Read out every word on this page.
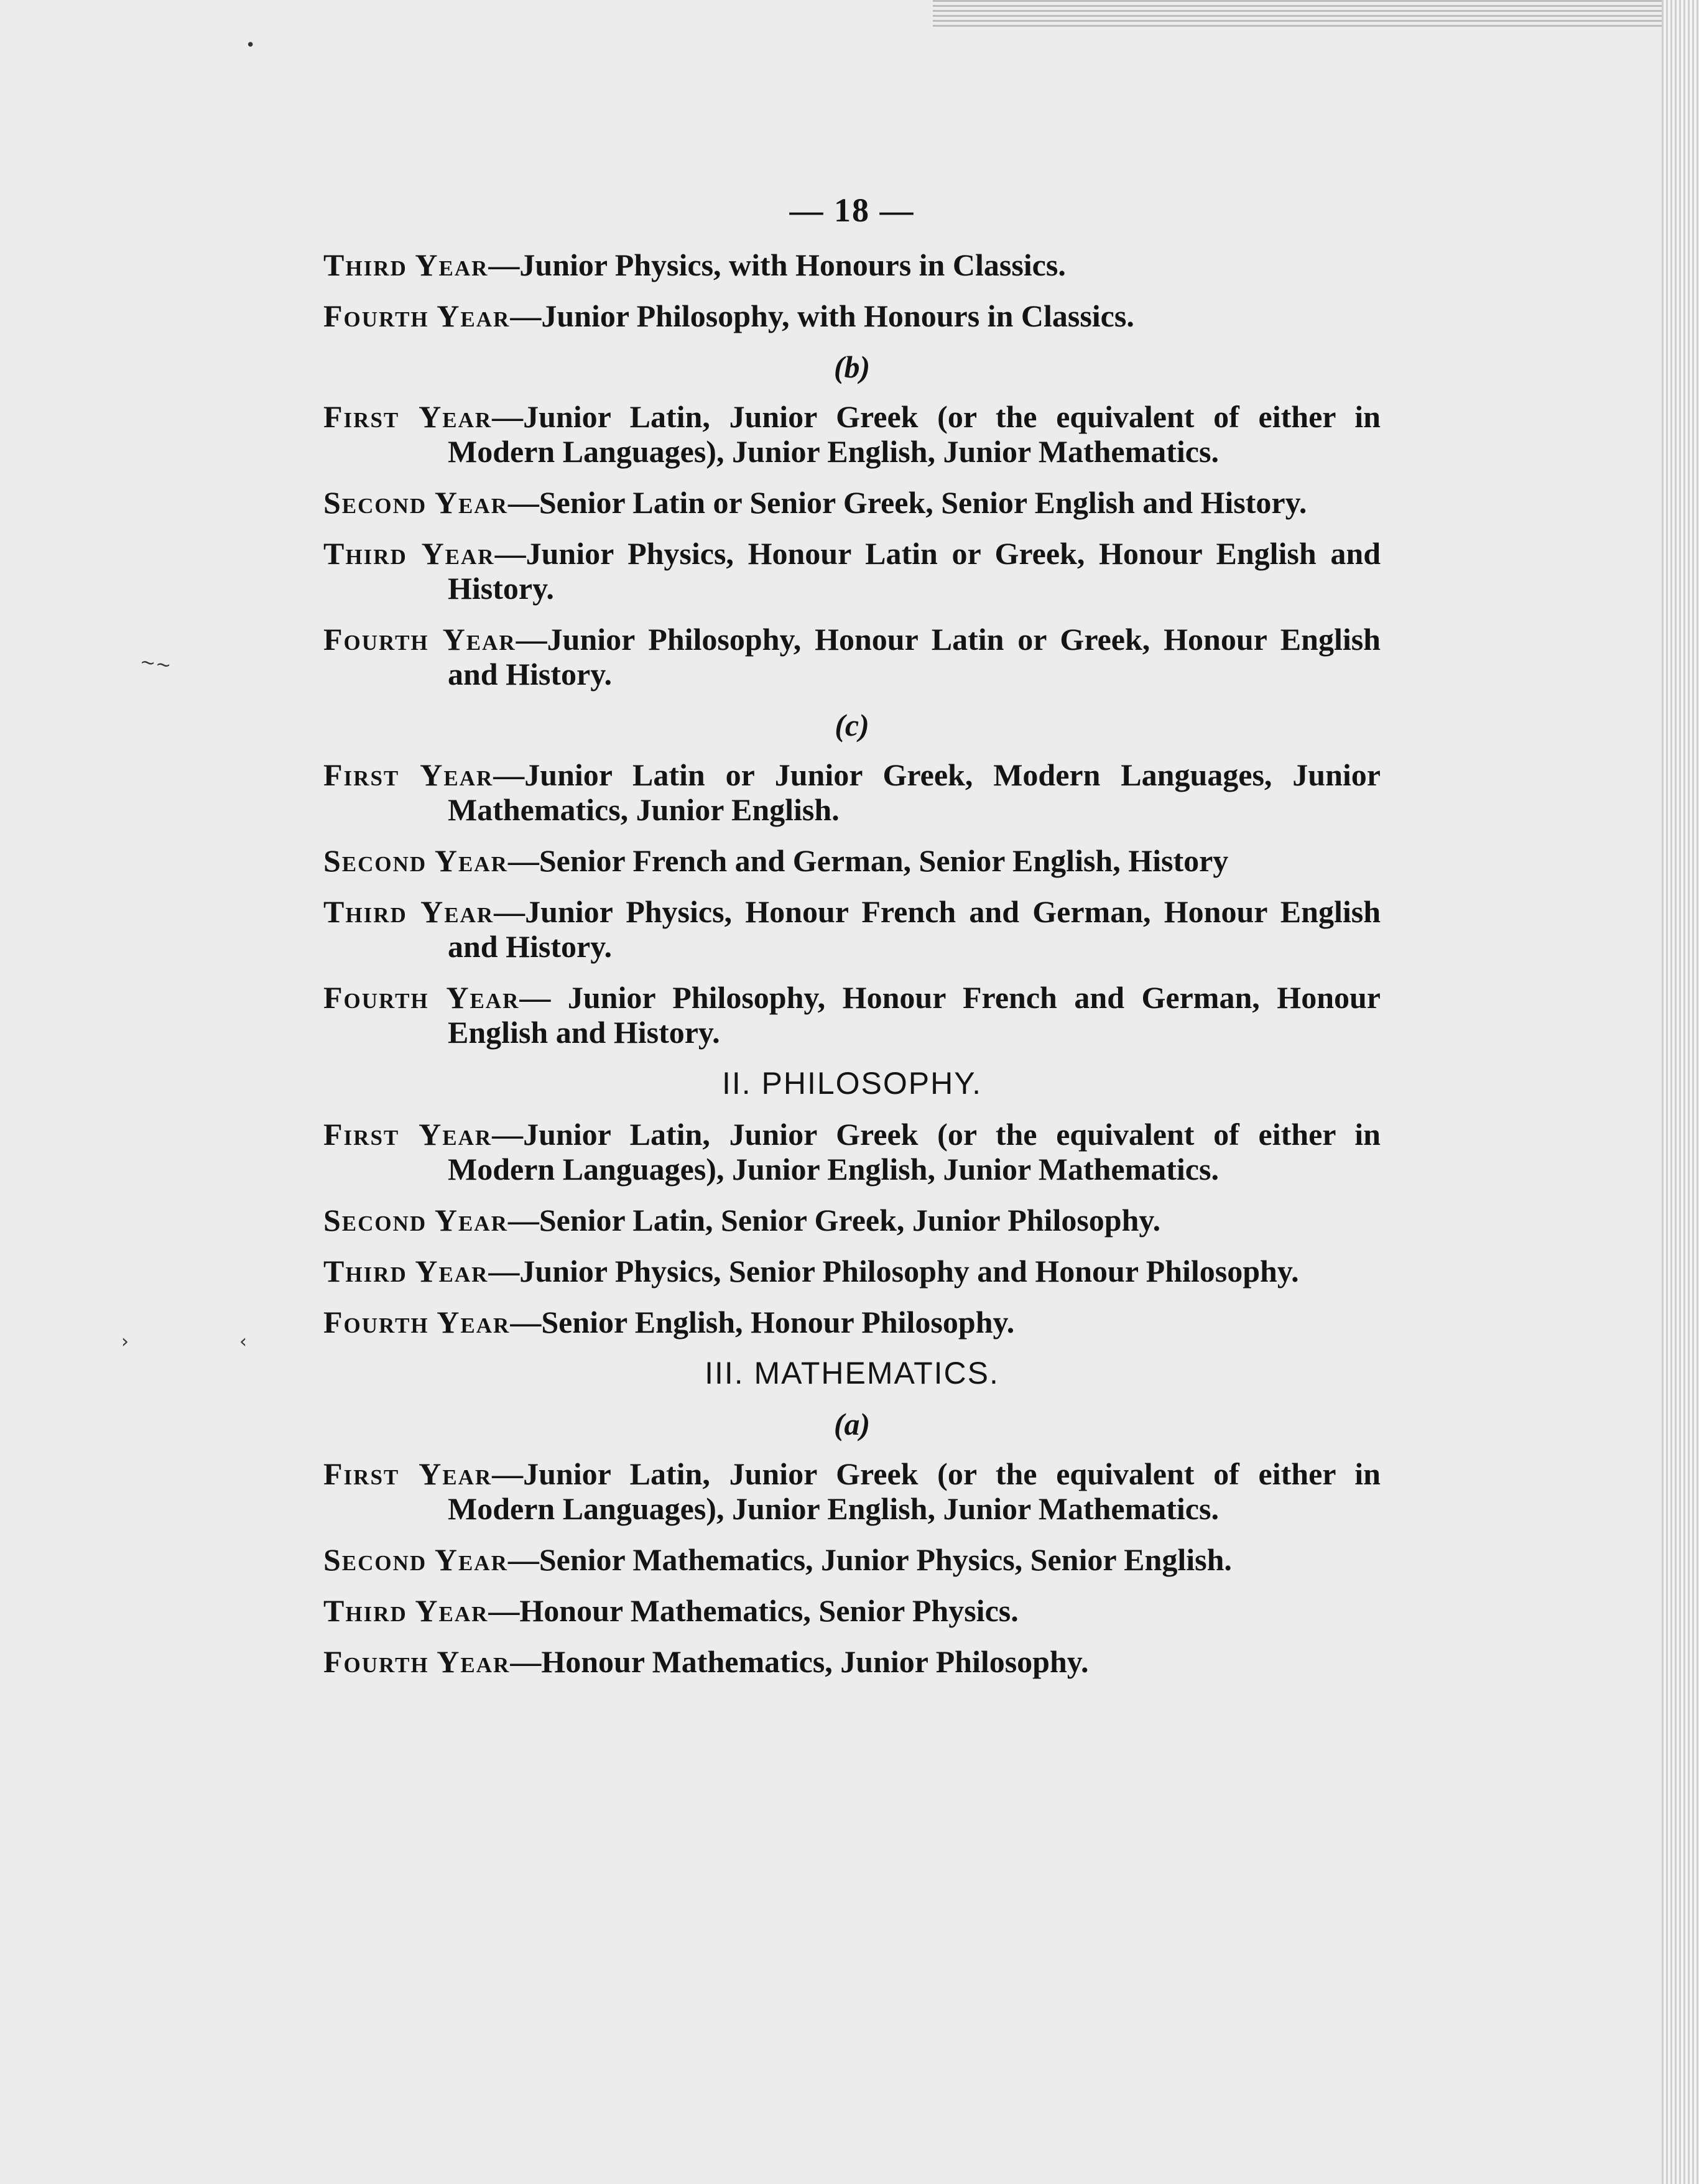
•
~~
›	‹
— 18 —

Third Year—Junior Physics, with Honours in Classics.

Fourth Year—Junior Philosophy, with Honours in Classics.

(b)

First Year—Junior Latin, Junior Greek (or the equivalent of either in Modern Languages), Junior English, Junior Mathematics.

Second Year—Senior Latin or Senior Greek, Senior English and History.

Third Year—Junior Physics, Honour Latin or Greek, Honour English and History.

Fourth Year—Junior Philosophy, Honour Latin or Greek, Honour English and History.

(c)

First Year—Junior Latin or Junior Greek, Modern Languages, Junior Mathematics, Junior English.

Second Year—Senior French and German, Senior English, History

Third Year—Junior Physics, Honour French and German, Honour English and History.

Fourth Year— Junior Philosophy, Honour French and German, Honour English and History.

II. PHILOSOPHY.

First Year—Junior Latin, Junior Greek (or the equivalent of either in Modern Languages), Junior English, Junior Mathematics.

Second Year—Senior Latin, Senior Greek, Junior Philosophy.

Third Year—Junior Physics, Senior Philosophy and Honour Philosophy.

Fourth Year—Senior English, Honour Philosophy.

III. MATHEMATICS.
(a)

First Year—Junior Latin, Junior Greek (or the equivalent of either in Modern Languages), Junior English, Junior Mathematics.

Second Year—Senior Mathematics, Junior Physics, Senior English.

Third Year—Honour Mathematics, Senior Physics.

Fourth Year—Honour Mathematics, Junior Philosophy.
